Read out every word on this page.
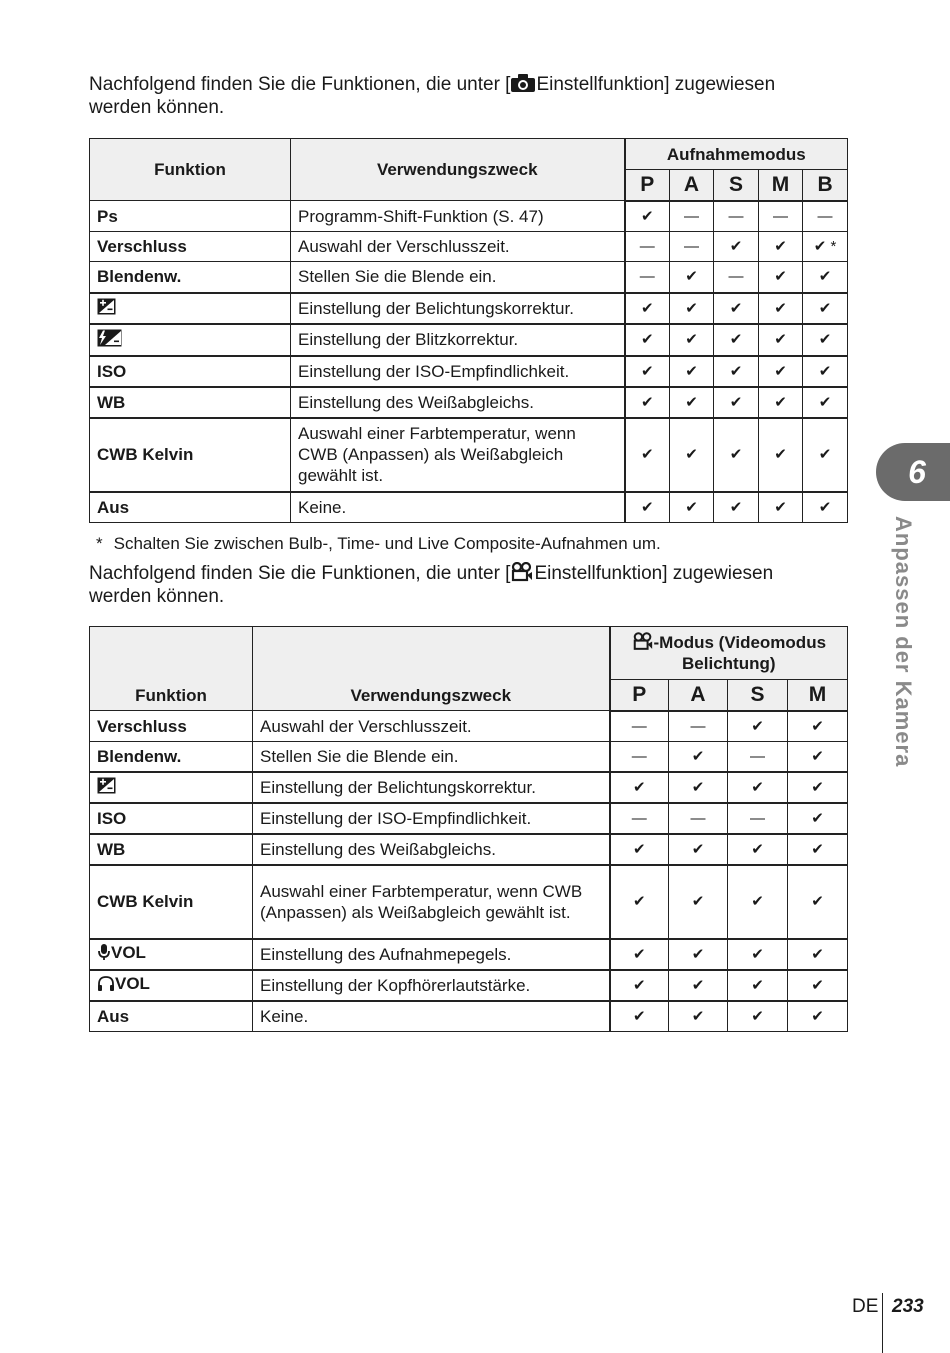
Nachfolgend finden Sie die Funktionen, die unter [ Einstellfunktion] zugewiesen werden können.

Funktion	Verwendungszweck	Aufnahmemodus				
		P	A	S	M	B
Ps	Programm-Shift-Funktion (S. 47)	✔	—	—	—	—
Verschluss	Auswahl der Verschlusszeit.	—	—	✔	✔	✔ *
Blendenw.	Stellen Sie die Blende ein.	—	✔	—	✔	✔
	Einstellung der Belichtungskorrektur.	✔	✔	✔	✔	✔
	Einstellung der Blitzkorrektur.	✔	✔	✔	✔	✔
ISO	Einstellung der ISO-Empfindlichkeit.	✔	✔	✔	✔	✔
WB	Einstellung des Weißabgleichs.	✔	✔	✔	✔	✔
CWB Kelvin	Auswahl einer Farbtemperatur, wenn CWB (Anpassen) als Weißabgleich gewählt ist.	✔	✔	✔	✔	✔
Aus	Keine.	✔	✔	✔	✔	✔

* Schalten Sie zwischen Bulb-, Time- und Live Composite-Aufnahmen um.

Nachfolgend finden Sie die Funktionen, die unter [ Einstellfunktion] zugewiesen werden können.

Funktion	Verwendungszweck	-Modus (Videomodus Belichtung)			
		P	A	S	M
Verschluss	Auswahl der Verschlusszeit.	—	—	✔	✔
Blendenw.	Stellen Sie die Blende ein.	—	✔	—	✔
	Einstellung der Belichtungskorrektur.	✔	✔	✔	✔
ISO	Einstellung der ISO-Empfindlichkeit.	—	—	—	✔
WB	Einstellung des Weißabgleichs.	✔	✔	✔	✔
CWB Kelvin	Auswahl einer Farbtemperatur, wenn CWB (Anpassen) als Weißabgleich gewählt ist.	✔	✔	✔	✔
VOL	Einstellung des Aufnahmepegels.	✔	✔	✔	✔
VOL	Einstellung der Kopfhörerlautstärke.	✔	✔	✔	✔
Aus	Keine.	✔	✔	✔	✔
6
Anpassen der Kamera
DE 233
